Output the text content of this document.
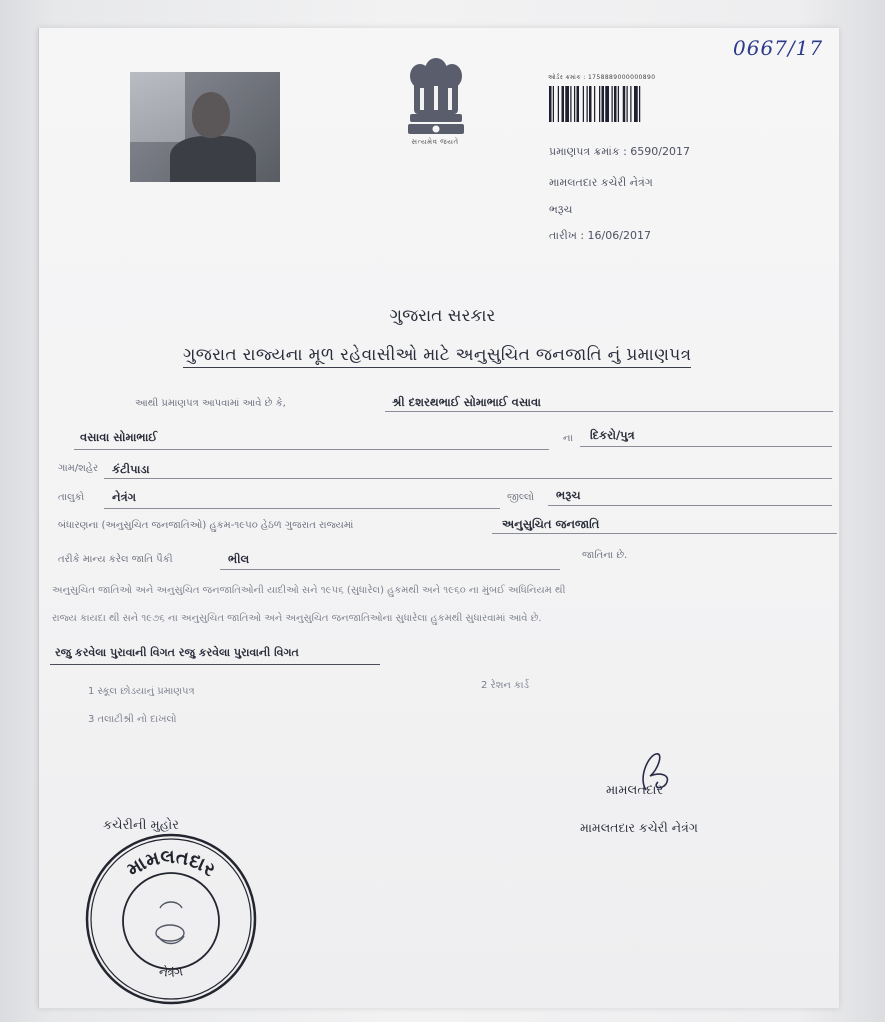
સત્યમેવ જયતે
0667/17
ઓર્ડર ક્રમાંક : 1758889000000890
પ્રમાણપત્ર ક્રમાંક : 6590/2017
મામલતદાર કચેરી નેત્રંગ
ભરૂચ
તારીખ : 16/06/2017
ગુજરાત સરકાર
ગુજરાત રાજ્યના મૂળ રહેવાસીઓ માટે અનુસુચિત જનજાતિ નું પ્રમાણપત્ર
આથી પ્રમાણપત્ર આપવામાં આવે છે કે,	શ્રી દશરથભાઈ સોમાભાઈ વસાવા
વસાવા સોમાભાઈ	ના દિકરો/પુત્ર
ગામ/શહેર કંટીપાડા
તાલુકો નેત્રંગ	જીલ્લો ભરૂચ
બંધારણના (અનુસુચિત જનજાતિઓ) હુકમ-૧૯૫૦ હેઠળ ગુજરાત રાજ્યમાં	અનુસુચિત જનજાતિ
તરીકે માન્ય કરેલ જાતિ પૈકી	ભીલ	જાતિના છે.
અનુસુચિત જાતિઓ અને અનુસુચિત જનજાતિઓની યાદીઓ સને ૧૯૫૬ (સુધારેલ) હુકમથી અને ૧૯૬૦ ના મુંબઈ અધિનિયમ થી
રાજ્ય કાયદા થી સને ૧૯૭૬ ના અનુસુચિત જાતિઓ અને અનુસુચિત જનજાતિઓના સુધારેલા હુકમથી સુધારવામાં આવે છે.
રજુ કરવેલા પુરાવાની વિગત રજુ કરવેલા પુરાવાની વિગત
1 સ્કૂલ છોડયાનું પ્રમાણપત્ર
3 તલાટીશ્રી નો દાખલો
2 રેશન કાર્ડ
મામલતદાર
મામલતદાર કચેરી નેત્રંગ
કચેરીની મુહોર
મામલતદાર
નેત્રંગ
